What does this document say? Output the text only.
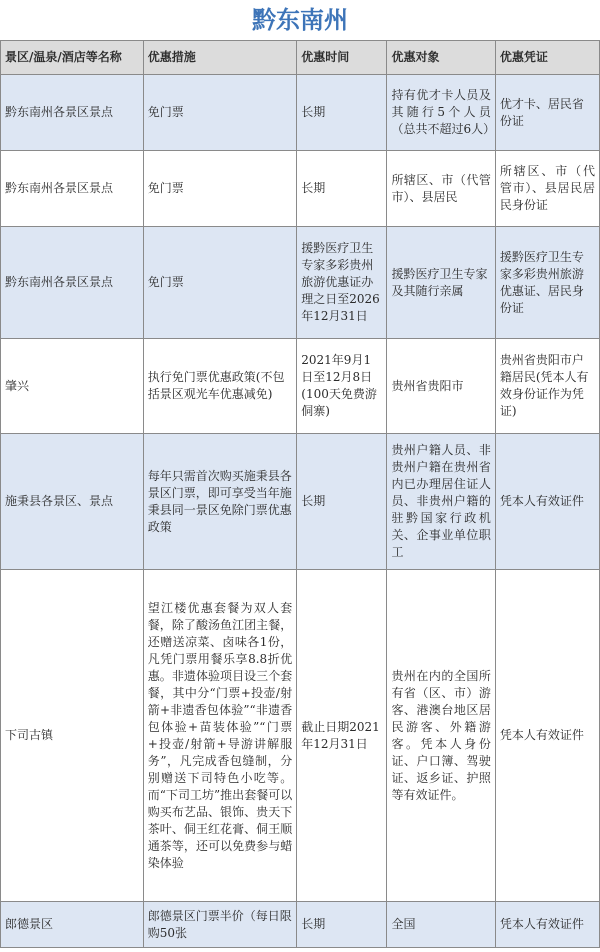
黔东南州
景区/温泉/酒店等名称	优惠措施	优惠时间	优惠对象	优惠凭证
黔东南州各景区景点	免门票	长期	持有优才卡人员及其随行5个人员（总共不超过6人）	优才卡、居民省份证
黔东南州各景区景点	免门票	长期	所辖区、市（代管市）、县居民	所辖区、市（代管市）、县居民居民身份证
黔东南州各景区景点	免门票	援黔医疗卫生专家多彩贵州旅游优惠证办理之日至2026年12月31日	援黔医疗卫生专家及其随行亲属	援黔医疗卫生专家多彩贵州旅游优惠证、居民身份证
肇兴	执行免门票优惠政策(不包括景区观光车优惠减免)	2021年9月1日至12月8日(100天免费游侗寨)	贵州省贵阳市	贵州省贵阳市户籍居民(凭本人有效身份证作为凭证)
施秉县各景区、景点	每年只需首次购买施秉县各景区门票，即可享受当年施秉县同一景区免除门票优惠政策	长期	贵州户籍人员、非贵州户籍在贵州省内已办理居住证人员、非贵州户籍的驻黔国家行政机关、企事业单位职工	凭本人有效证件
下司古镇	望江楼优惠套餐为双人套餐，除了酸汤鱼江团主餐，还赠送凉菜、卤味各1份，凡凭门票用餐乐享8.8折优惠。非遗体验项目设三个套餐，其中分“门票+投壶/射箭+非遗香包体验”“非遗香包体验+苗装体验”“门票+投壶/射箭+导游讲解服务”，凡完成香包缝制，分别赠送下司特色小吃等。而“下司工坊”推出套餐可以购买布艺品、银饰、贵天下茶叶、侗王红花膏、侗王顺通茶等，还可以免费参与蜡染体验	截止日期2021年12月31日	贵州在内的全国所有省（区、市）游客、港澳台地区居民游客、外籍游客。凭本人身份证、户口簿、驾驶证、返乡证、护照等有效证件。	凭本人有效证件
郎德景区	郎德景区门票半价（每日限购50张	长期	全国	凭本人有效证件
